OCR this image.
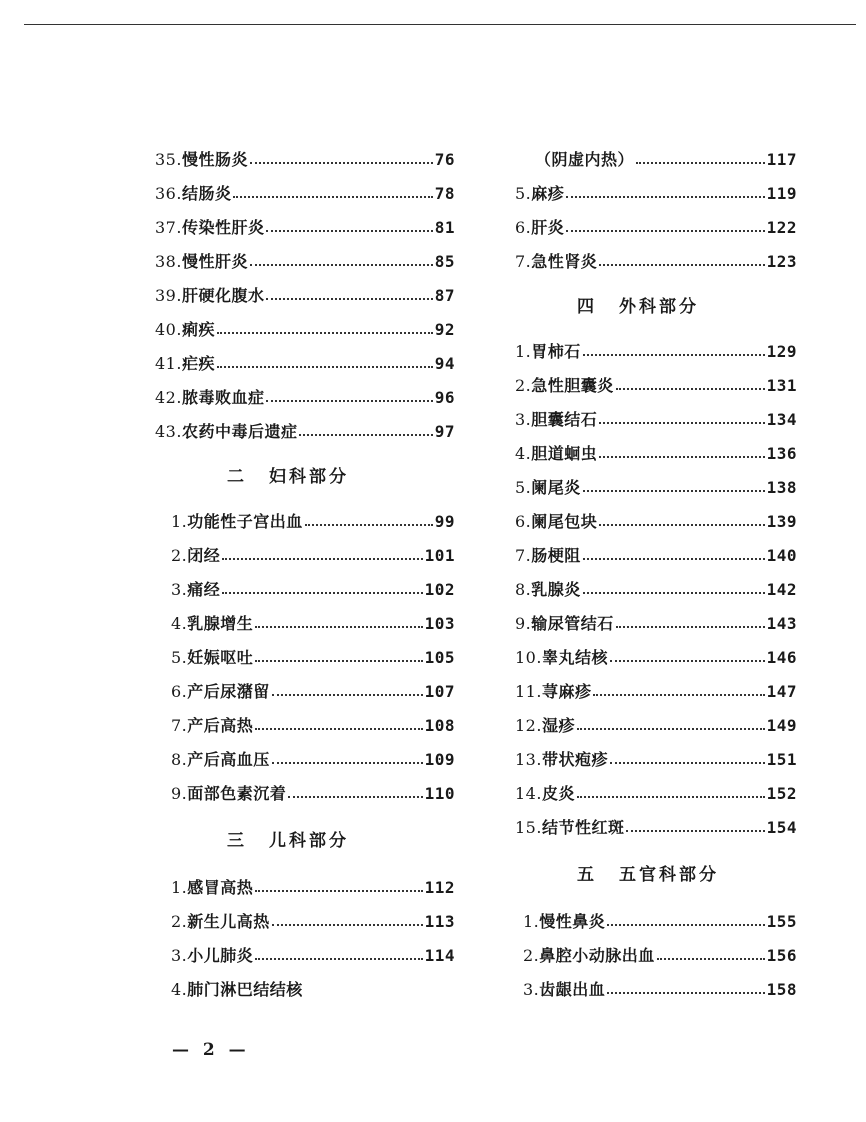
35. 慢性肠炎	76
36. 结肠炎	78
37. 传染性肝炎	81
38. 慢性肝炎	85
39. 肝硬化腹水	87
40. 痢疾	92
41. 疟疾	94
42. 脓毒败血症	96
43. 农药中毒后遗症	97
二 妇科部分
1. 功能性子宫出血	99
2. 闭经	101
3. 痛经	102
4. 乳腺增生	103
5. 妊娠呕吐	105
6. 产后尿潴留	107
7. 产后高热	108
8. 产后高血压	109
9. 面部色素沉着	110
三 儿科部分
1. 感冒高热	112
2. 新生儿高热	113
3. 小儿肺炎	114
4. 肺门淋巴结结核
（阴虚内热）	117
5. 麻疹	119
6. 肝炎	122
7. 急性肾炎	123
四 外科部分
1. 胃柿石	129
2. 急性胆囊炎	131
3. 胆囊结石	134
4. 胆道蛔虫	136
5. 阑尾炎	138
6. 阑尾包块	139
7. 肠梗阻	140
8. 乳腺炎	142
9. 输尿管结石	143
10. 睾丸结核	146
11. 荨麻疹	147
12. 湿疹	149
13. 带状疱疹	151
14. 皮炎	152
15. 结节性红斑	154
五 五官科部分
1. 慢性鼻炎	155
2. 鼻腔小动脉出血	156
3. 齿龈出血	158
— 2 —
